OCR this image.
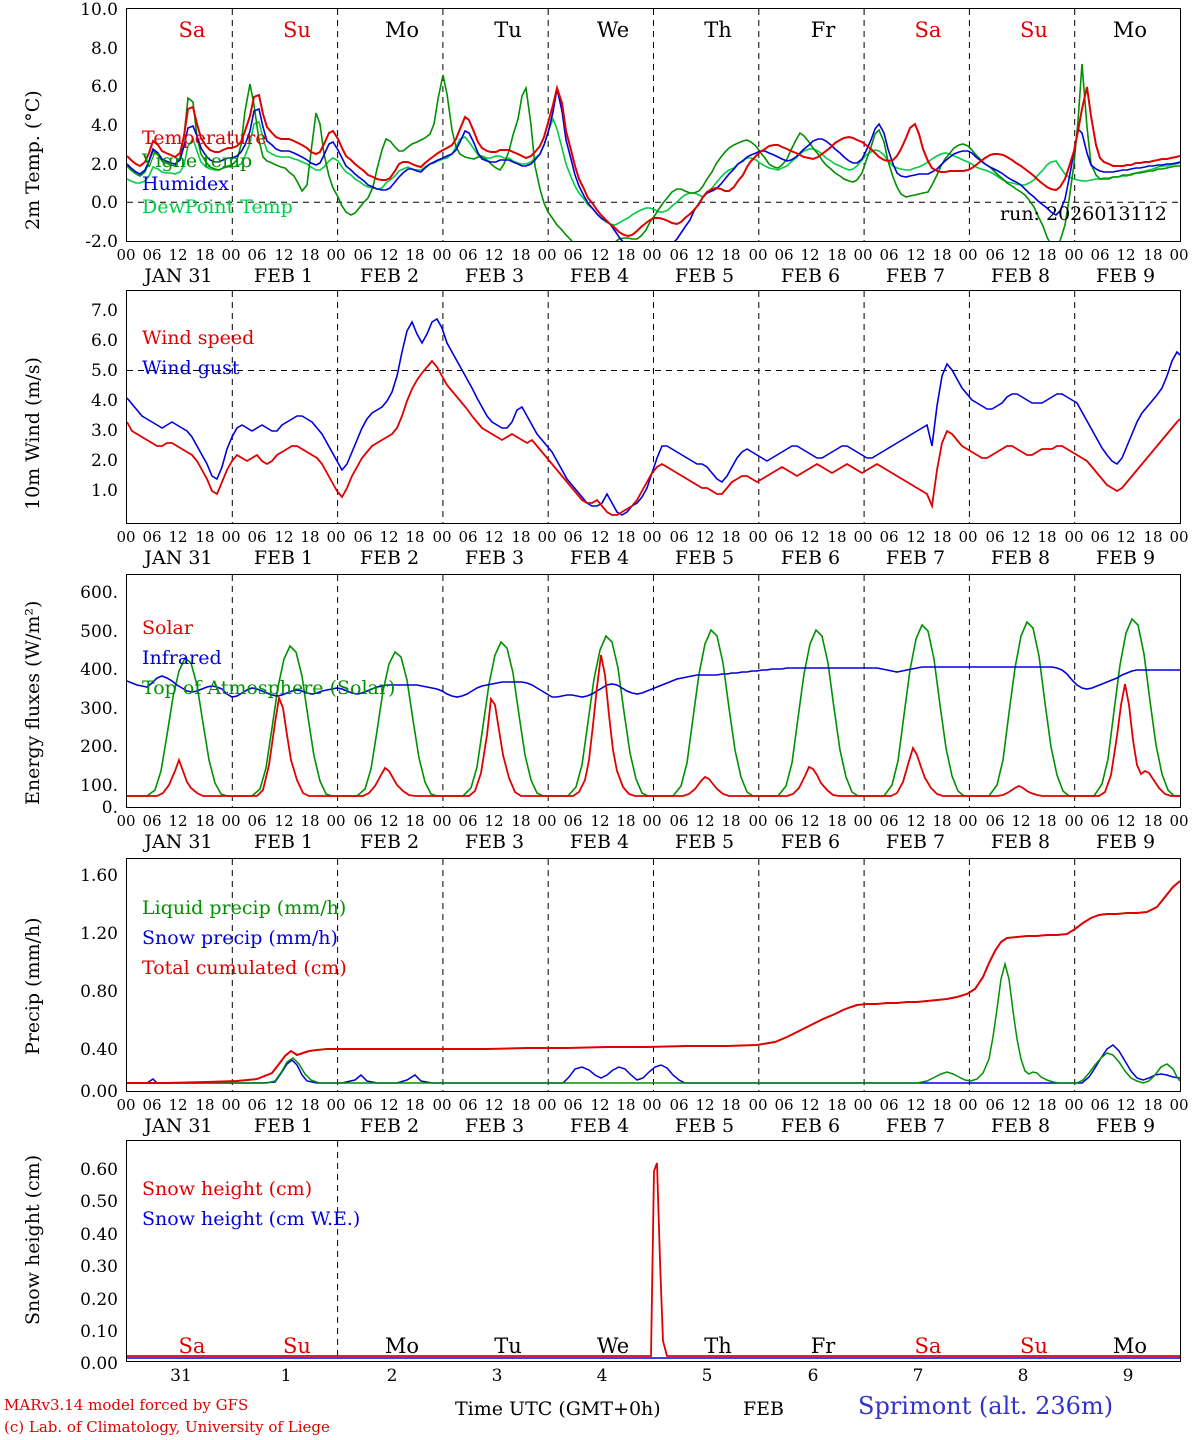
2m Temp. (°C)
Sa	Su	Mo	Tu	We	Th	Fr	Sa	Su	Mo
10.0
8.0
6.0
4.0
2.0
0.0
-2.0
Temperature
Vigne temp
Humidex
DewPoint Temp	run: 2026013112
00 06 12 18 00 06 12 18 00 06 12 18 00 06 12 18 00 06 12 18 00 06 12 18 00 06 12 18 00 06 12 18 00 06 12 18 00 06 12 18 00
JAN 31	FEB 1	FEB 2	FEB 3	FEB 4	FEB 5	FEB 6	FEB 7	FEB 8	FEB 9
10m Wind (m/s)
7.0
6.0
5.0
4.0
3.0
2.0
1.0
Wind speed
Wind gust
00 06 12 18 00 06 12 18 00 06 12 18 00 06 12 18 00 06 12 18 00 06 12 18 00 06 12 18 00 06 12 18 00 06 12 18 00 06 12 18 00
JAN 31	FEB 1	FEB 2	FEB 3	FEB 4	FEB 5	FEB 6	FEB 7	FEB 8	FEB 9
Energy fluxes (W/m²)
600.
500.
400.
300.
200.
100.
0.
Solar
Infrared
Top of Atmosphere (Solar)
00 06 12 18 00 06 12 18 00 06 12 18 00 06 12 18 00 06 12 18 00 06 12 18 00 06 12 18 00 06 12 18 00 06 12 18 00 06 12 18 00
JAN 31	FEB 1	FEB 2	FEB 3	FEB 4	FEB 5	FEB 6	FEB 7	FEB 8	FEB 9
Precip (mm/h)
1.60
1.20
0.80
0.40
0.00
Liquid precip (mm/h)
Snow precip (mm/h)
Total cumulated (cm)
00 06 12 18 00 06 12 18 00 06 12 18 00 06 12 18 00 06 12 18 00 06 12 18 00 06 12 18 00 06 12 18 00 06 12 18 00 06 12 18 00
JAN 31	FEB 1	FEB 2	FEB 3	FEB 4	FEB 5	FEB 6	FEB 7	FEB 8	FEB 9
Snow height (cm)	0.60
0.50
0.40
0.30
0.20
0.10
0.00
Snow height (cm)
Snow height (cm W.E.)
Sa	Su	Mo	Tu	We	Th	Fr	Sa	Su	Mo
31	1	2	3	4	5	6	7	8	9
MARv3.14 model forced by GFS
(c) Lab. of Climatology, University of Liege
Time UTC (GMT+0h)	FEB	Sprimont (alt. 236m)
